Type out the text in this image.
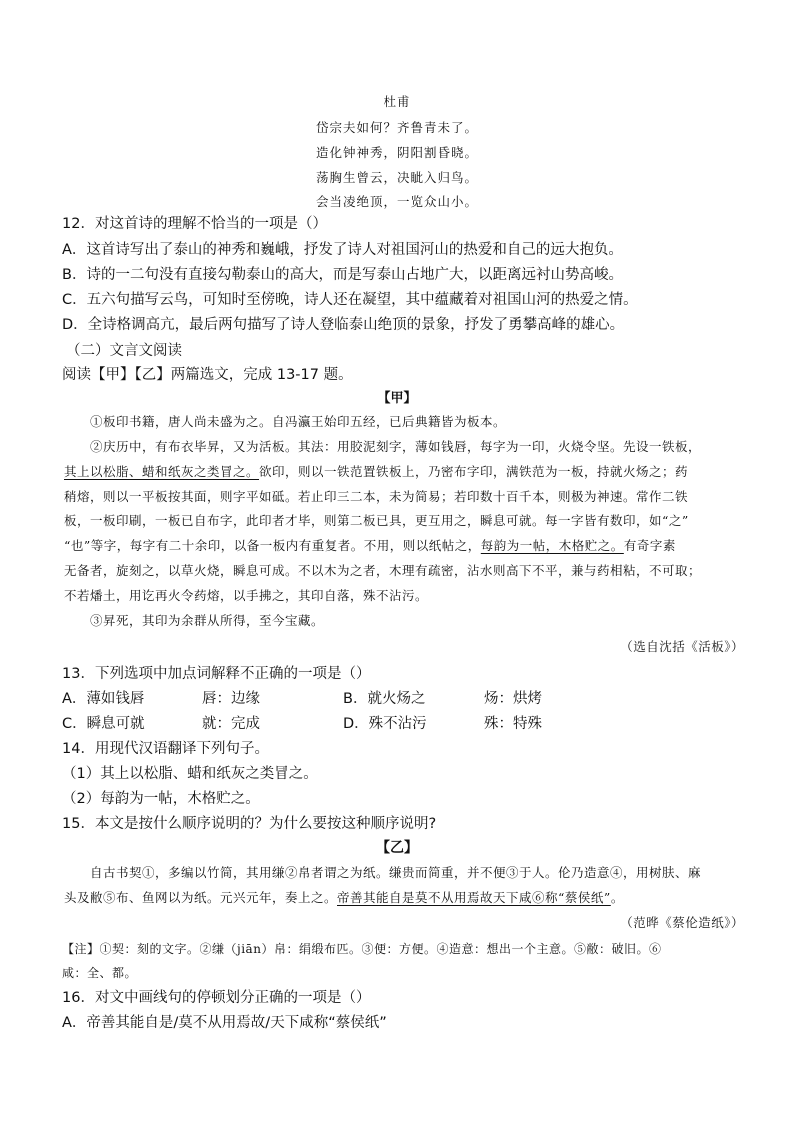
杜甫
岱宗夫如何？齐鲁青未了。
造化钟神秀，阴阳割昏晓。
荡胸生曾云，决眦入归鸟。
会当凌绝顶，一览众山小。
12．对这首诗的理解不恰当的一项是（）
A．这首诗写出了泰山的神秀和巍峨，抒发了诗人对祖国河山的热爱和自己的远大抱负。
B．诗的一二句没有直接勾勒泰山的高大，而是写泰山占地广大，以距离远衬山势高峻。
C．五六句描写云鸟，可知时至傍晚，诗人还在凝望，其中蕴藏着对祖国山河的热爱之情。
D．全诗格调高亢，最后两句描写了诗人登临泰山绝顶的景象，抒发了勇攀高峰的雄心。
（二）文言文阅读
阅读【甲】【乙】两篇选文，完成 13-17 题。
【甲】
①板印书籍，唐人尚未盛为之。自冯瀛王始印五经，已后典籍皆为板本。
②庆历中，有布衣毕昇，又为活板。其法：用胶泥刻字，薄如钱唇，每字为一印，火烧令坚。先设一铁板，
其上以松脂、蜡和纸灰之类冒之。欲印，则以一铁范置铁板上，乃密布字印，满铁范为一板，持就火炀之；药
稍熔，则以一平板按其面，则字平如砥。若止印三二本，未为简易；若印数十百千本，则极为神速。常作二铁
板，一板印刷，一板已自布字，此印者才毕，则第二板已具，更互用之，瞬息可就。每一字皆有数印，如“之”
“也”等字，每字有二十余印，以备一板内有重复者。不用，则以纸帖之，每韵为一帖，木格贮之。有奇字素
无备者，旋刻之，以草火烧，瞬息可成。不以木为之者，木理有疏密，沾水则高下不平，兼与药相粘，不可取；
不若燔土，用讫再火令药熔，以手拂之，其印自落，殊不沾污。
③昇死，其印为余群从所得，至今宝藏。
（选自沈括《活板》）
13．下列选项中加点词解释不正确的一项是（）
A．薄如钱唇	唇：边缘	B．就火炀之	炀：烘烤
C．瞬息可就	就：完成	D．殊不沾污	殊：特殊
14．用现代汉语翻译下列句子。
（1）其上以松脂、蜡和纸灰之类冒之。
（2）每韵为一帖，木格贮之。
15．本文是按什么顺序说明的？为什么要按这种顺序说明?
【乙】
自古书契①，多编以竹简，其用缣②帛者谓之为纸。缣贵而简重，并不便③于人。伦乃造意④，用树肤、麻
头及敝⑤布、鱼网以为纸。元兴元年，奏上之。帝善其能自是莫不从用焉故天下咸⑥称“蔡侯纸”。
（范晔《蔡伦造纸》）
【注】①契：刻的文字。②缣（jiān）帛：绢缎布匹。③便：方便。④造意：想出一个主意。⑤敝：破旧。⑥
咸：全、都。
16．对文中画线句的停顿划分正确的一项是（）
A．帝善其能自是/莫不从用焉故/天下咸称“蔡侯纸”
